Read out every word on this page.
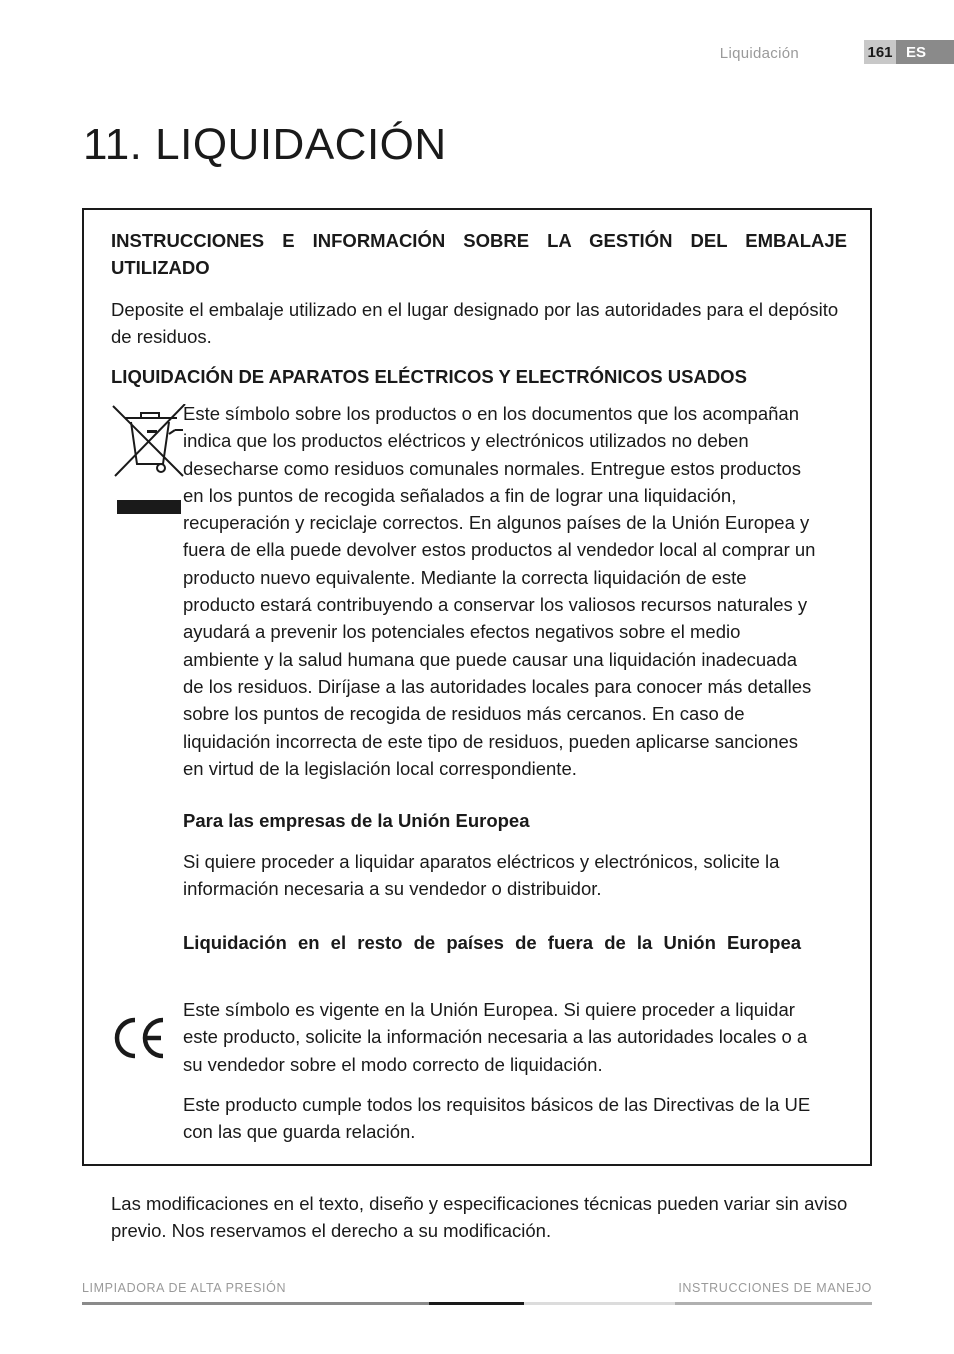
Liquidación	161 ES
11. LIQUIDACIÓN

INSTRUCCIONES E INFORMACIÓN SOBRE LA GESTIÓN DEL EMBALAJE UTILIZADO

Deposite el embalaje utilizado en el lugar designado por las autoridades para el depósito de residuos.

LIQUIDACIÓN DE APARATOS ELÉCTRICOS Y ELECTRÓNICOS USADOS

Este símbolo sobre los productos o en los documentos que los acompañan indica que los productos eléctricos y electrónicos utilizados no deben desecharse como residuos comunales normales. Entregue estos productos en los puntos de recogida señalados a fin de lograr una liquidación, recuperación y reciclaje correctos. En algunos países de la Unión Europea y fuera de ella puede devolver estos productos al vendedor local al comprar un producto nuevo equivalente. Mediante la correcta liquidación de este producto estará contribuyendo a conservar los valiosos recursos naturales y ayudará a prevenir los potenciales efectos negativos sobre el medio ambiente y la salud humana que puede causar una liquidación inadecuada de los residuos. Diríjase a las autoridades locales para conocer más detalles sobre los puntos de recogida de residuos más cercanos. En caso de liquidación incorrecta de este tipo de residuos, pueden aplicarse sanciones en virtud de la legislación local correspondiente.

Para las empresas de la Unión Europea

Si quiere proceder a liquidar aparatos eléctricos y electrónicos, solicite la información necesaria a su vendedor o distribuidor.

Liquidación en el resto de países de fuera de la Unión Europea

Este símbolo es vigente en la Unión Europea. Si quiere proceder a liquidar este producto, solicite la información necesaria a las autoridades locales o a su vendedor sobre el modo correcto de liquidación.

Este producto cumple todos los requisitos básicos de las Directivas de la UE con las que guarda relación.

Las modificaciones en el texto, diseño y especificaciones técnicas pueden variar sin aviso previo. Nos reservamos el derecho a su modificación.

LIMPIADORA DE ALTA PRESIÓN	INSTRUCCIONES DE MANEJO
